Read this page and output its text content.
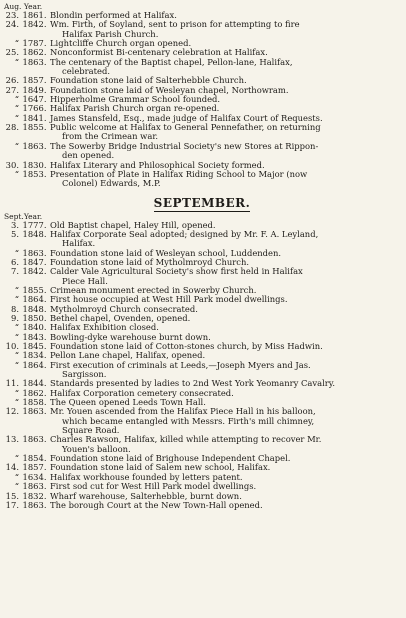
Aug. Year.
23. 1861. Blondin performed at Halifax.
24. 1842. Wm. Firth, of Soyland, sent to prison for attempting to fire
Halifax Parish Church.
“ 1787. Lightcliffe Church organ opened.
25. 1862. Nonconformist Bi-centenary celebration at Halifax.
“ 1863. The centenary of the Baptist chapel, Pellon-lane, Halifax,
celebrated.
26. 1857. Foundation stone laid of Salterhebble Church.
27. 1849. Foundation stone laid of Wesleyan chapel, Northowram.
“ 1647. Hipperholme Grammar School founded.
“ 1766. Halifax Parish Church organ re-opened.
“ 1841. James Stansfeld, Esq., made judge of Halifax Court of Requests.
28. 1855. Public welcome at Halifax to General Pennefather, on returning
from the Crimean war.
“ 1863. The Sowerby Bridge Industrial Society's new Stores at Rippon-
den opened.
30. 1830. Halifax Literary and Philosophical Society formed.
“ 1853. Presentation of Plate in Halifax Riding School to Major (now
Colonel) Edwards, M.P.
SEPTEMBER.
Sept. Year.
3. 1777. Old Baptist chapel, Haley Hill, opened.
5. 1848. Halifax Corporate Seal adopted; designed by Mr. F. A. Leyland,
Halifax.
“ 1863. Foundation stone laid of Wesleyan school, Luddenden.
6. 1847. Foundation stone laid of Mytholmroyd Church.
7. 1842. Calder Vale Agricultural Society's show first held in Halifax
Piece Hall.
“ 1855. Crimean monument erected in Sowerby Church.
“ 1864. First house occupied at West Hill Park model dwellings.
8. 1848. Mytholmroyd Church consecrated.
9. 1850. Bethel chapel, Ovenden, opened.
“ 1840. Halifax Exhibition closed.
“ 1843. Bowling-dyke warehouse burnt down.
10. 1845. Foundation stone laid of Cotton-stones church, by Miss Hadwin.
“ 1834. Pellon Lane chapel, Halifax, opened.
“ 1864. First execution of criminals at Leeds,—Joseph Myers and Jas.
Sargisson.
11. 1844. Standards presented by ladies to 2nd West York Yeomanry Cavalry.
“ 1862. Halifax Corporation cemetery consecrated.
“ 1858. The Queen opened Leeds Town Hall.
12. 1863. Mr. Youen ascended from the Halifax Piece Hall in his balloon,
which became entangled with Messrs. Firth's mill chimney,
Square Road.
13. 1863. Charles Rawson, Halifax, killed while attempting to recover Mr.
Youen's balloon.
“ 1854. Foundation stone laid of Brighouse Independent Chapel.
14. 1857. Foundation stone laid of Salem new school, Halifax.
“ 1634. Halifax workhouse founded by letters patent.
“ 1863. First sod cut for West Hill Park model dwellings.
15. 1832. Wharf warehouse, Salterhebble, burnt down.
17. 1863. The borough Court at the New Town-Hall opened.
